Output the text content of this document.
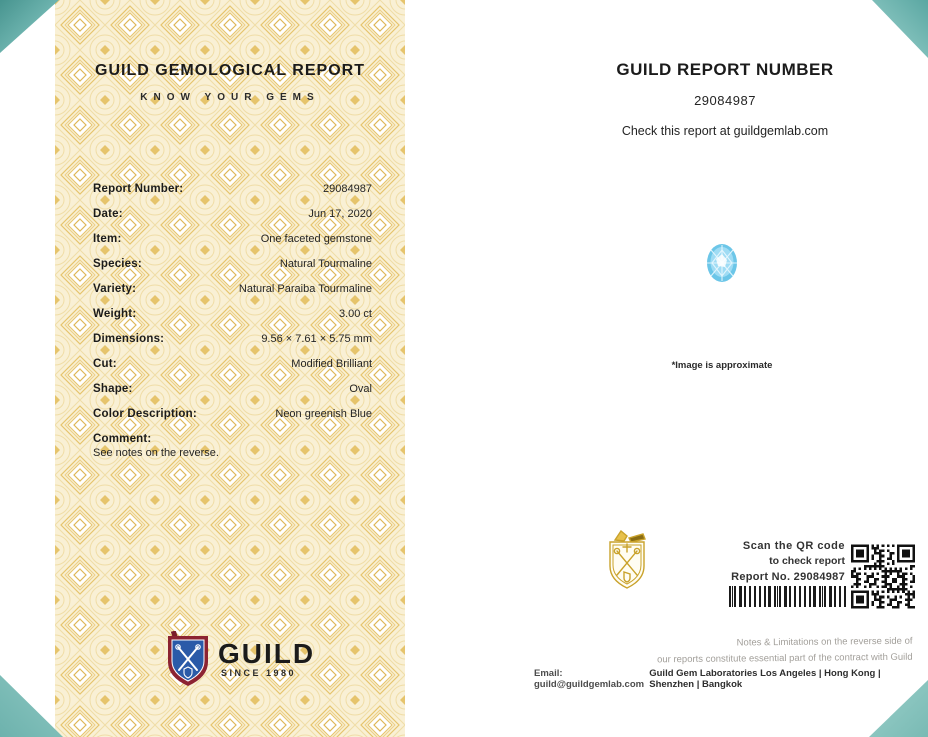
GUILD GEMOLOGICAL REPORT
KNOW YOUR GEMS
Report Number:	29084987
Date:	Jun 17, 2020
Item:	One faceted gemstone
Species:	Natural Tourmaline
Variety:	Natural Paraiba Tourmaline
Weight:	3.00 ct
Dimensions:	9.56 × 7.61 × 5.75 mm
Cut:	Modified Brilliant
Shape:	Oval
Color Description:	Neon greenish Blue
Comment:
See notes on the reverse.
GUILD
SINCE 1980
GUILD REPORT NUMBER
29084987
Check this report at guildgemlab.com
*Image is approximate
Scan the QR code
to check report
Report No. 29084987
Notes & Limitations on the reverse side of
our reports constitute essential part of the contract with Guild
Email: guild@guildgemlab.com
Guild Gem Laboratories Los Angeles | Hong Kong | Shenzhen | Bangkok
